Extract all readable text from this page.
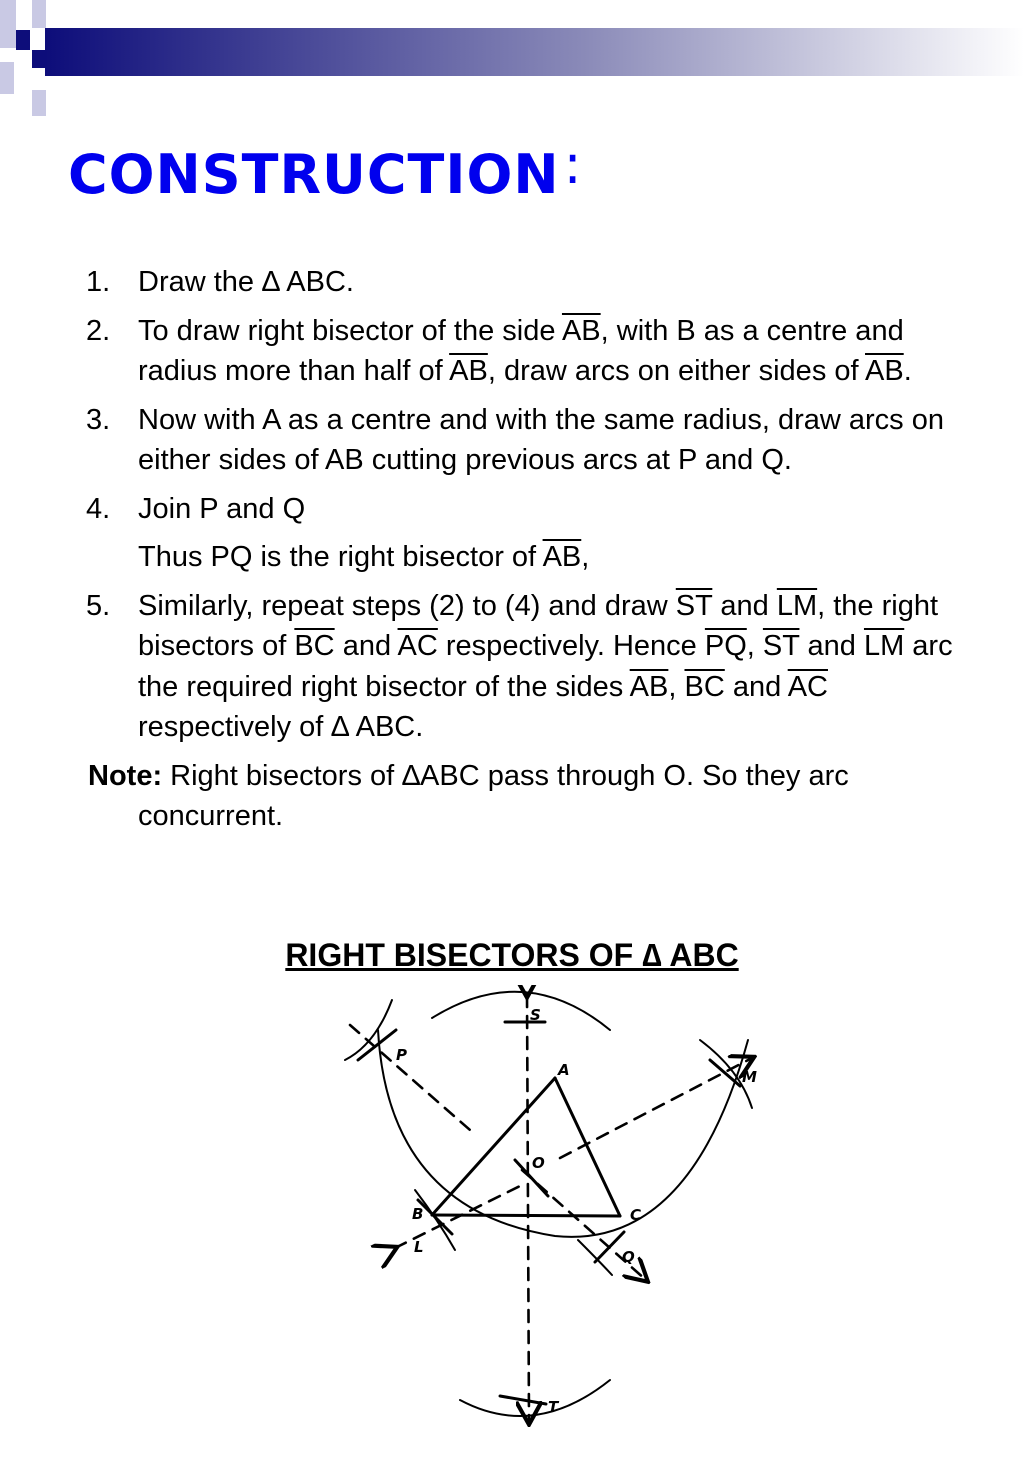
CONSTRUCTION:
1. Draw the ∆ ABC.
2. To draw right bisector of the side $\overline{AB}$, with B as a centre and radius more than half of $\overline{AB}$, draw arcs on either sides of $\overline{AB}$.
3. Now with A as a centre and with the same radius, draw arcs on either sides of AB cutting previous arcs at P and Q.
4. Join P and Q
Thus PQ is the right bisector of $\overline{AB}$,
5. Similarly, repeat steps (2) to (4) and draw $\overline{ST}$ and $\overline{LM}$, the right bisectors of $\overline{BC}$ and $\overline{AC}$ respectively. Hence $\overline{PQ}$, $\overline{ST}$ and $\overline{LM}$ arc the required right bisector of the sides $\overline{AB}$, $\overline{BC}$ and $\overline{AC}$ respectively of ∆ ABC.
Note: Right bisectors of ∆ABC pass through O. So they arc concurrent.
RIGHT BISECTORS OF ∆ ABC
A
B	C
O
P
Q
S
T
L
M
